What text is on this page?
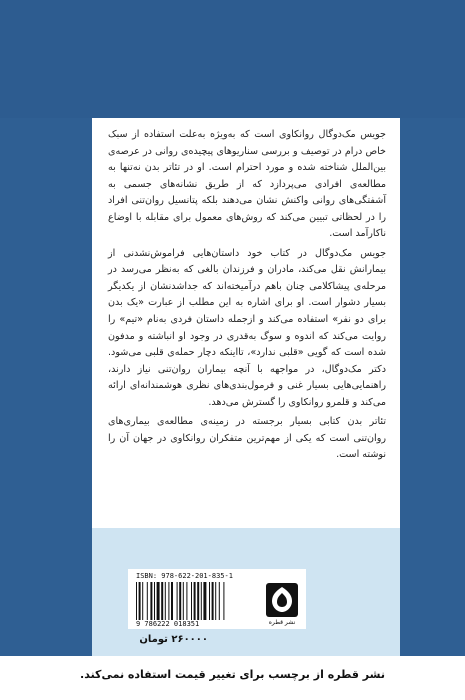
جویس مک‌دوگال روانکاوی است که به‌ویژه به‌علت استفاده از سبک خاص درام در توصیف و بررسی سناریوهای پیچیده‌ی روانی در عرصه‌ی بین‌الملل شناخته شده و مورد احترام است. او در تئاتر بدن نه‌تنها به مطالعه‌ی افرادی می‌پردازد که از طریق نشانه‌های جسمی به آشفتگی‌های روانی واکنش نشان می‌دهند بلکه پتانسیل روان‌تنی افراد را در لحظاتی تبیین می‌کند که روش‌های معمول برای مقابله با اوضاع ناکارآمد است.

جویس مک‌دوگال در کتاب خود داستان‌هایی فراموش‌نشدنی از بیمارانش نقل می‌کند، مادران و فرزندان بالغی که به‌نظر می‌رسد در مرحله‌ی پیشاکلامی چنان باهم درآمیخته‌اند که جداشدنشان از یکدیگر بسیار دشوار است. او برای اشاره به این مطلب از عبارت «یک بدن برای دو نفر» استفاده می‌کند و ازجمله داستان فردی به‌نام «تیم» را روایت می‌کند که اندوه و سوگ به‌قدری در وجود او انباشته و مدفون شده است که گویی «قلبی ندارد»، تااینکه دچار حمله‌ی قلبی می‌شود. دکتر مک‌دوگال، در مواجهه با آنچه بیماران روان‌تنی نیاز دارند، راهنمایی‌هایی بسیار غنی و فرمول‌بندی‌های نظری هوشمندانه‌ای ارائه می‌کند و قلمرو روانکاوی را گسترش می‌دهد.

تئاتر بدن کتابی بسیار برجسته در زمینه‌ی مطالعه‌ی بیماری‌های روان‌تنی است که یکی از مهم‌ترین متفکران روانکاوی در جهان آن را نوشته است.

ISBN: 978-622-201-835-1
9 786222 018351	نشر قطره
۲۶۰۰۰۰ تومان
نشر قطره از برچسب برای تغییر قیمت استفاده نمی‌کند.
